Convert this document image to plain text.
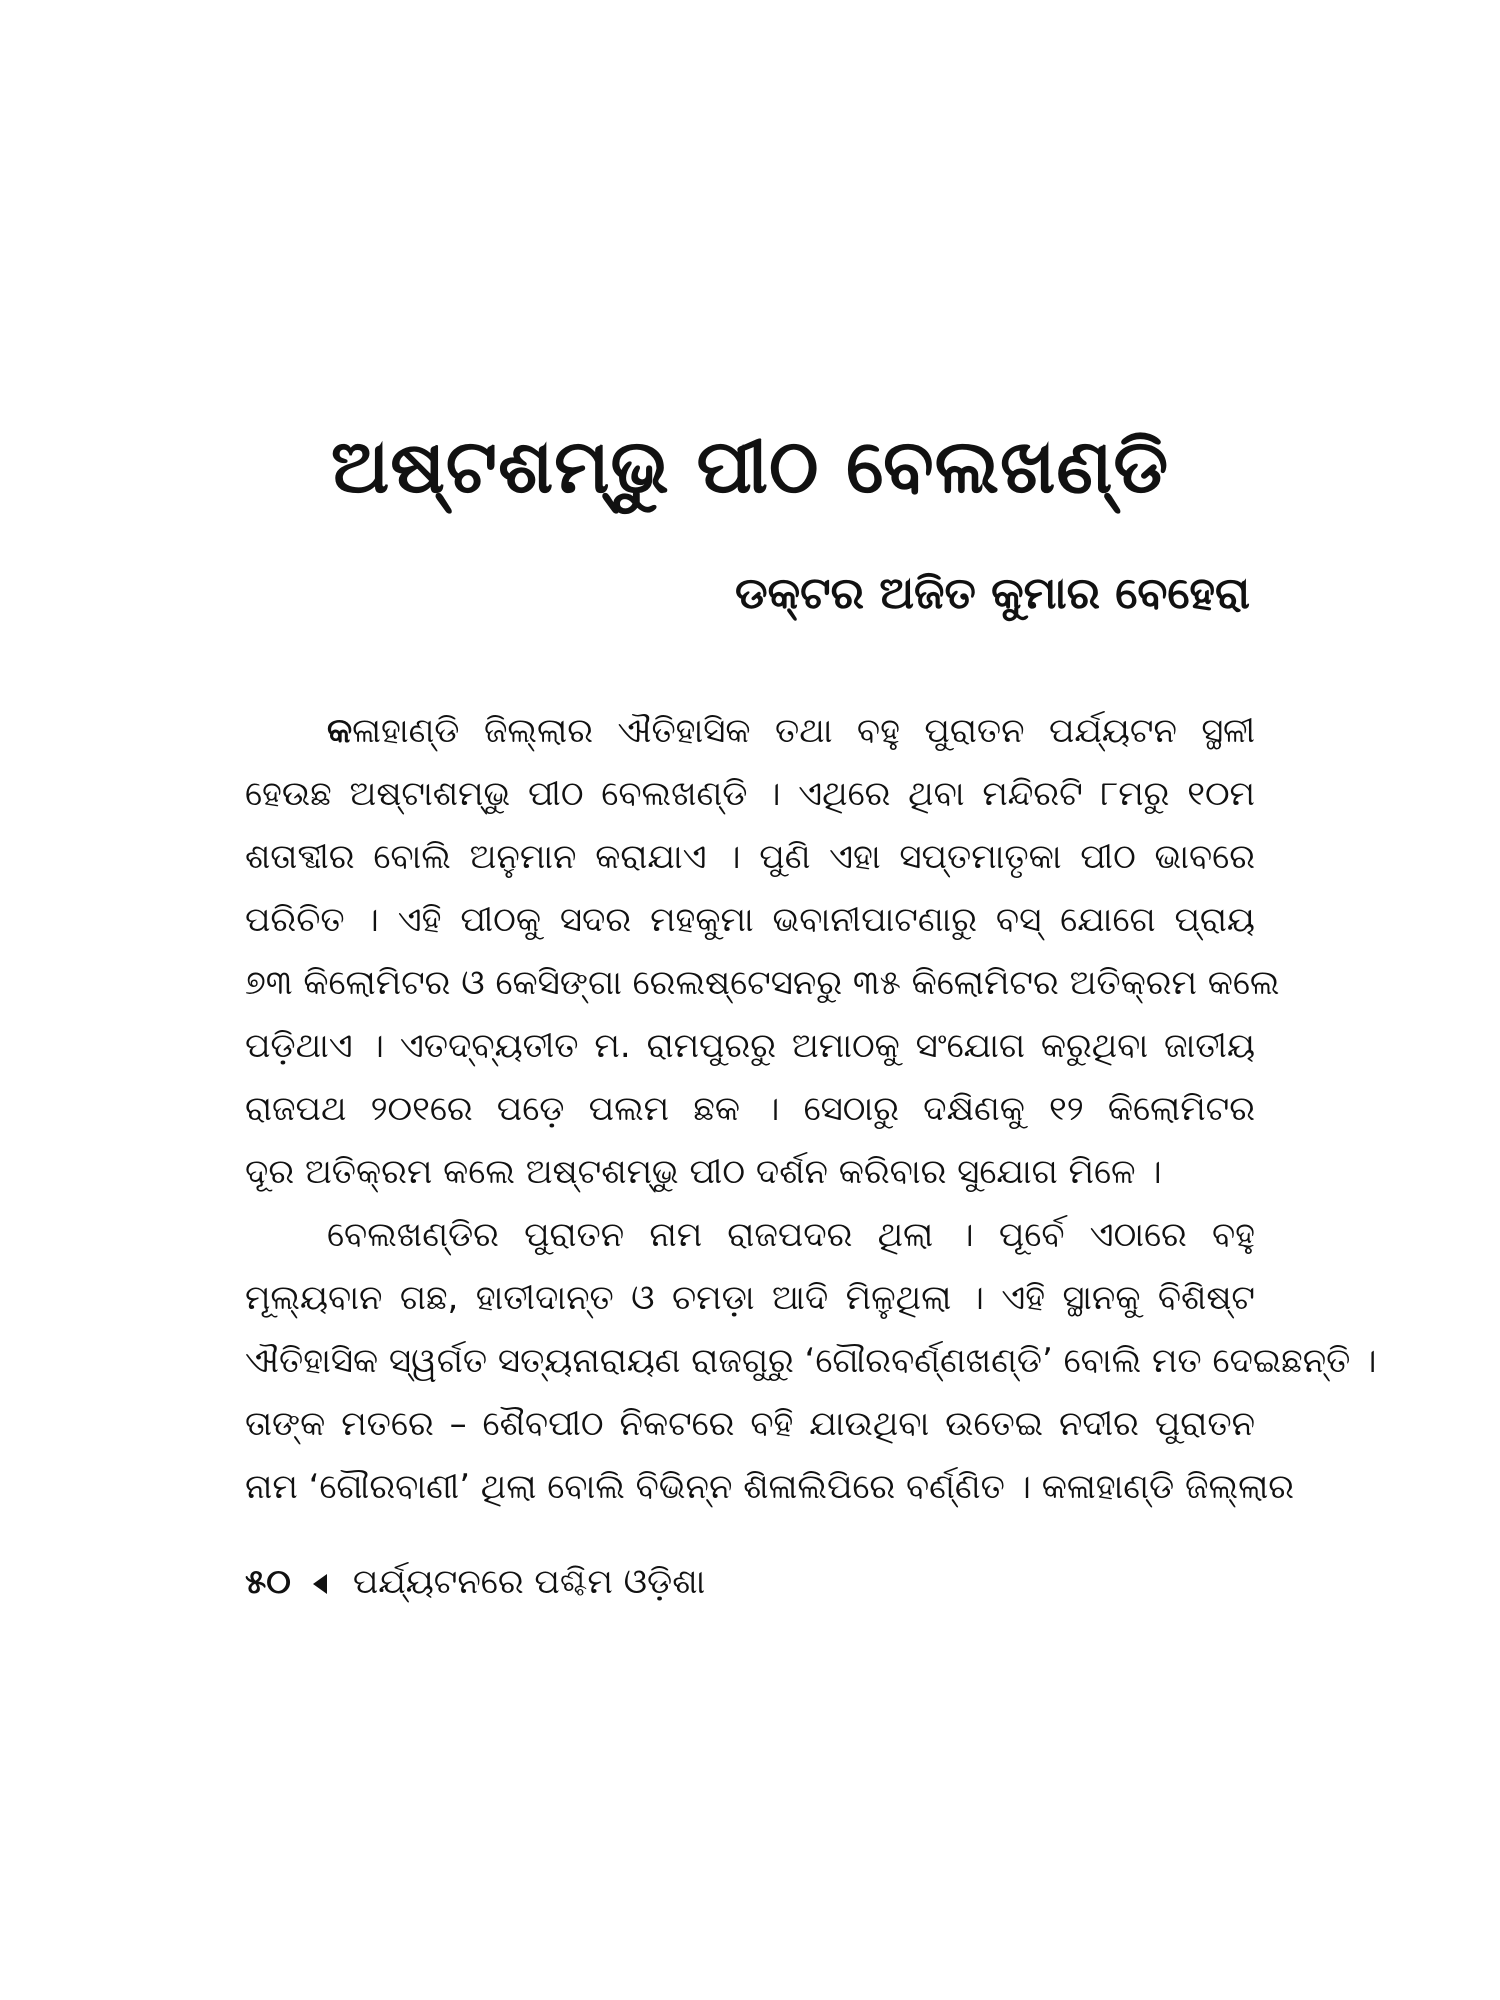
ଅଷ୍ଟଶମ୍ଭୁ ପୀଠ ବେଲଖଣ୍ଡି
ଡକ୍ଟର ଅଜିତ କୁମାର ବେହେରା
କଳାହାଣ୍ଡି ଜିଲ୍ଲାର ଐତିହାସିକ ତଥା ବହୁ ପୁରାତନ ପର୍ଯ୍ୟଟନ ସ୍ଥଳୀ
ହେଉଛ ଅଷ୍ଟାଶମ୍ଭୁ ପୀଠ ବେଲଖଣ୍ଡି । ଏଥିରେ ଥିବା ମନ୍ଦିରଟି ୮ମରୁ ୧୦ମ
ଶତାବ୍ଦୀର ବୋଲି ଅନୁମାନ କରାଯାଏ । ପୁଣି ଏହା ସପ୍ତମାତୃକା ପୀଠ ଭାବରେ
ପରିଚିତ । ଏହି ପୀଠକୁ ସଦର ମହକୁମା ଭବାନୀପାଟଣାରୁ ବସ୍ ଯୋଗେ ପ୍ରାୟ
୭୩ କିଲୋମିଟର ଓ କେସିଙ୍ଗା ରେଲଷ୍ଟେସନରୁ ୩୫ କିଲୋମିଟର ଅତିକ୍ରମ କଲେ
ପଡ଼ିଥାଏ । ଏତଦ୍‌ବ୍ୟତୀତ ମ. ରାମପୁରରୁ ଅମାଠକୁ ସଂଯୋଗ କରୁଥିବା ଜାତୀୟ
ରାଜପଥ ୨୦୧ରେ ପଡ଼େ ପଲମ ଛକ । ସେଠାରୁ ଦକ୍ଷିଣକୁ ୧୨ କିଲୋମିଟର
ଦୂର ଅତିକ୍ରମ କଲେ ଅଷ୍ଟଶମ୍ଭୁ ପୀଠ ଦର୍ଶନ କରିବାର ସୁଯୋଗ ମିଳେ ।
ବେଲଖଣ୍ଡିର ପୁରାତନ ନାମ ରାଜପଦର ଥିଲା । ପୂର୍ବେ ଏଠାରେ ବହୁ
ମୂଲ୍ୟବାନ ଗଛ, ହାତୀଦାନ୍ତ ଓ ଚମଡ଼ା ଆଦି ମିଳୁଥିଲା । ଏହି ସ୍ଥାନକୁ ବିଶିଷ୍ଟ
ଐତିହାସିକ ସ୍ୱର୍ଗତ ସତ୍ୟନାରାୟଣ ରାଜଗୁରୁ ‘ଗୌରବର୍ଣ୍ଣଖଣ୍ଡି’ ବୋଲି ମତ ଦେଇଛନ୍ତି ।
ତାଙ୍କ ମତରେ – ଶୈବପୀଠ ନିକଟରେ ବହି ଯାଉଥିବା ଉତେଇ ନଦୀର ପୁରାତନ
ନାମ ‘ଗୌରବାଣୀ’ ଥିଲା ବୋଲି ବିଭିନ୍ନ ଶିଳାଲିପିରେ ବର୍ଣ୍ଣିତ । କଳାହାଣ୍ଡି ଜିଲ୍ଲାର
୫୦ ପର୍ଯ୍ୟଟନରେ ପଶ୍ଚିମ ଓଡ଼ିଶା
